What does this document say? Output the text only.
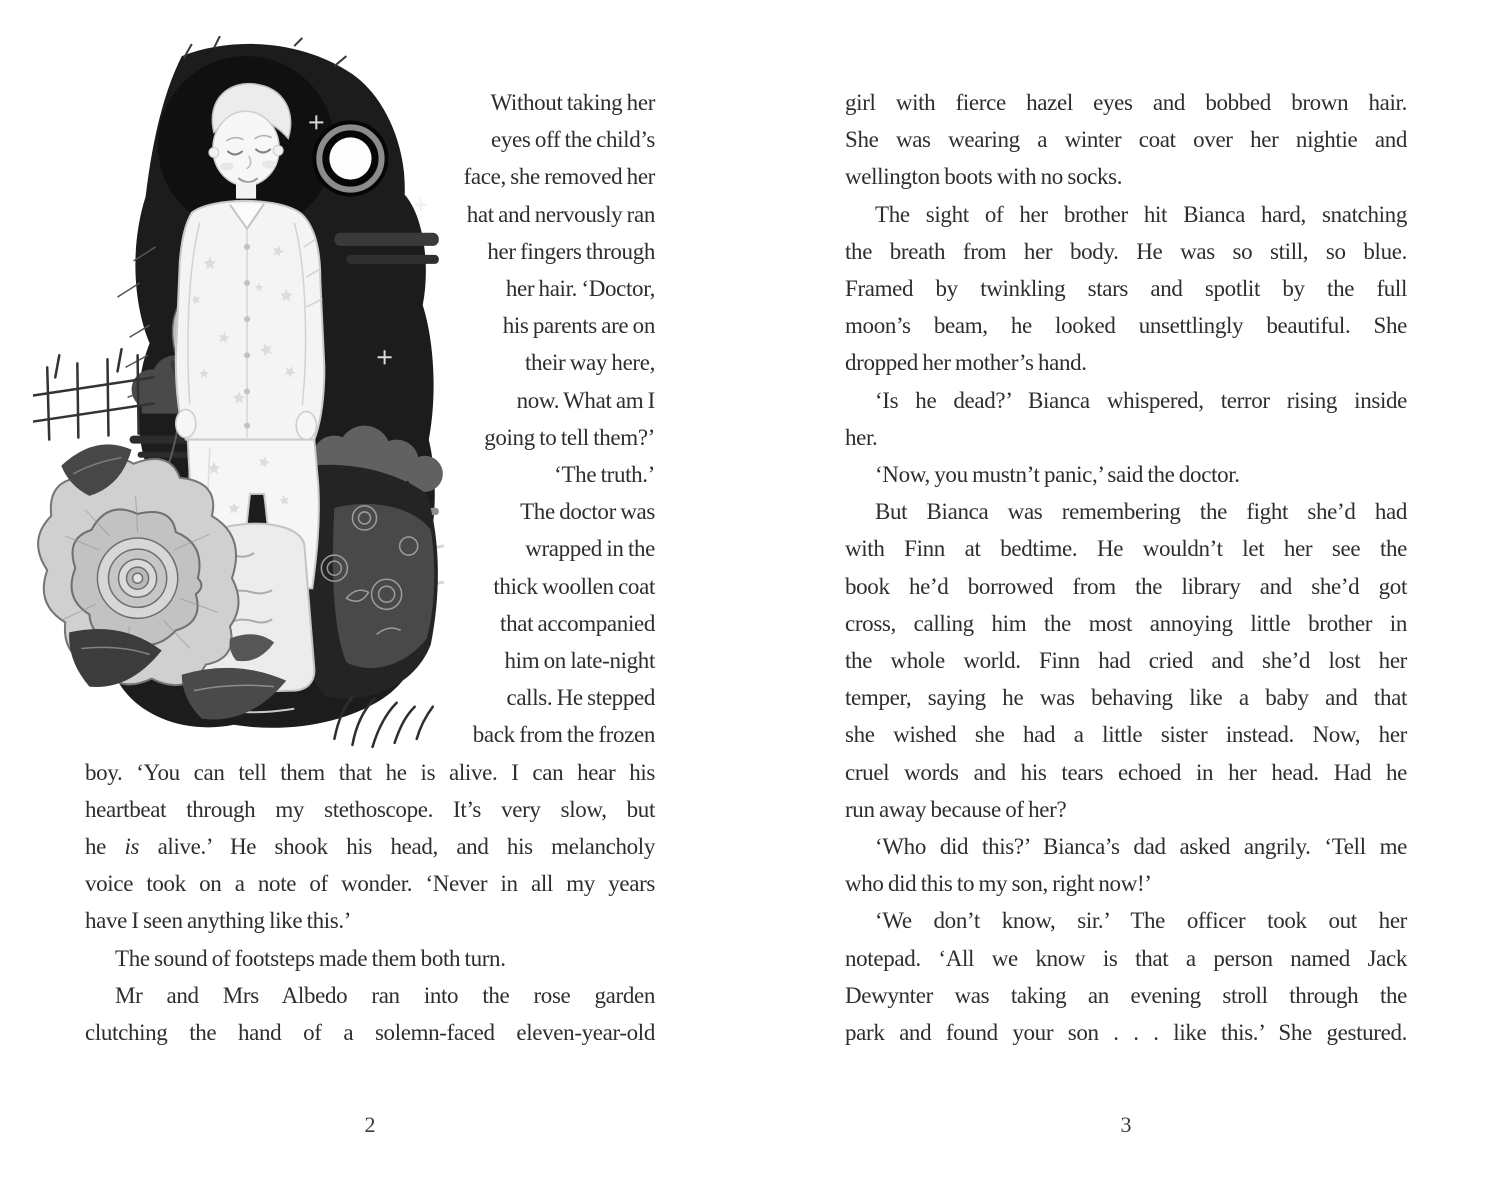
Without taking her
eyes off the child’s
face, she removed her
hat and nervously ran
her fingers through
her hair. ‘Doctor,
his parents are on
their way here,
now. What am I
going to tell them?’
‘The truth.’
The doctor was
wrapped in the
thick woollen coat
that accompanied
him on late-night
calls. He stepped
back from the frozen
boy. ‘You can tell them that he is alive. I can hear his
heartbeat through my stethoscope. It’s very slow, but
he is alive.’ He shook his head, and his melancholy
voice took on a note of wonder. ‘Never in all my years
have I seen anything like this.’
The sound of footsteps made them both turn.
Mr and Mrs Albedo ran into the rose garden
clutching the hand of a solemn-faced eleven-year-old
2
girl with fierce hazel eyes and bobbed brown hair.
She was wearing a winter coat over her nightie and
wellington boots with no socks.
The sight of her brother hit Bianca hard, snatching
the breath from her body. He was so still, so blue.
Framed by twinkling stars and spotlit by the full
moon’s beam, he looked unsettlingly beautiful. She
dropped her mother’s hand.
‘Is he dead?’ Bianca whispered, terror rising inside
her.
‘Now, you mustn’t panic,’ said the doctor.
But Bianca was remembering the fight she’d had
with Finn at bedtime. He wouldn’t let her see the
book he’d borrowed from the library and she’d got
cross, calling him the most annoying little brother in
the whole world. Finn had cried and she’d lost her
temper, saying he was behaving like a baby and that
she wished she had a little sister instead. Now, her
cruel words and his tears echoed in her head. Had he
run away because of her?
‘Who did this?’ Bianca’s dad asked angrily. ‘Tell me
who did this to my son, right now!’
‘We don’t know, sir.’ The officer took out her
notepad. ‘All we know is that a person named Jack
Dewynter was taking an evening stroll through the
park and found your son . . . like this.’ She gestured.
3
